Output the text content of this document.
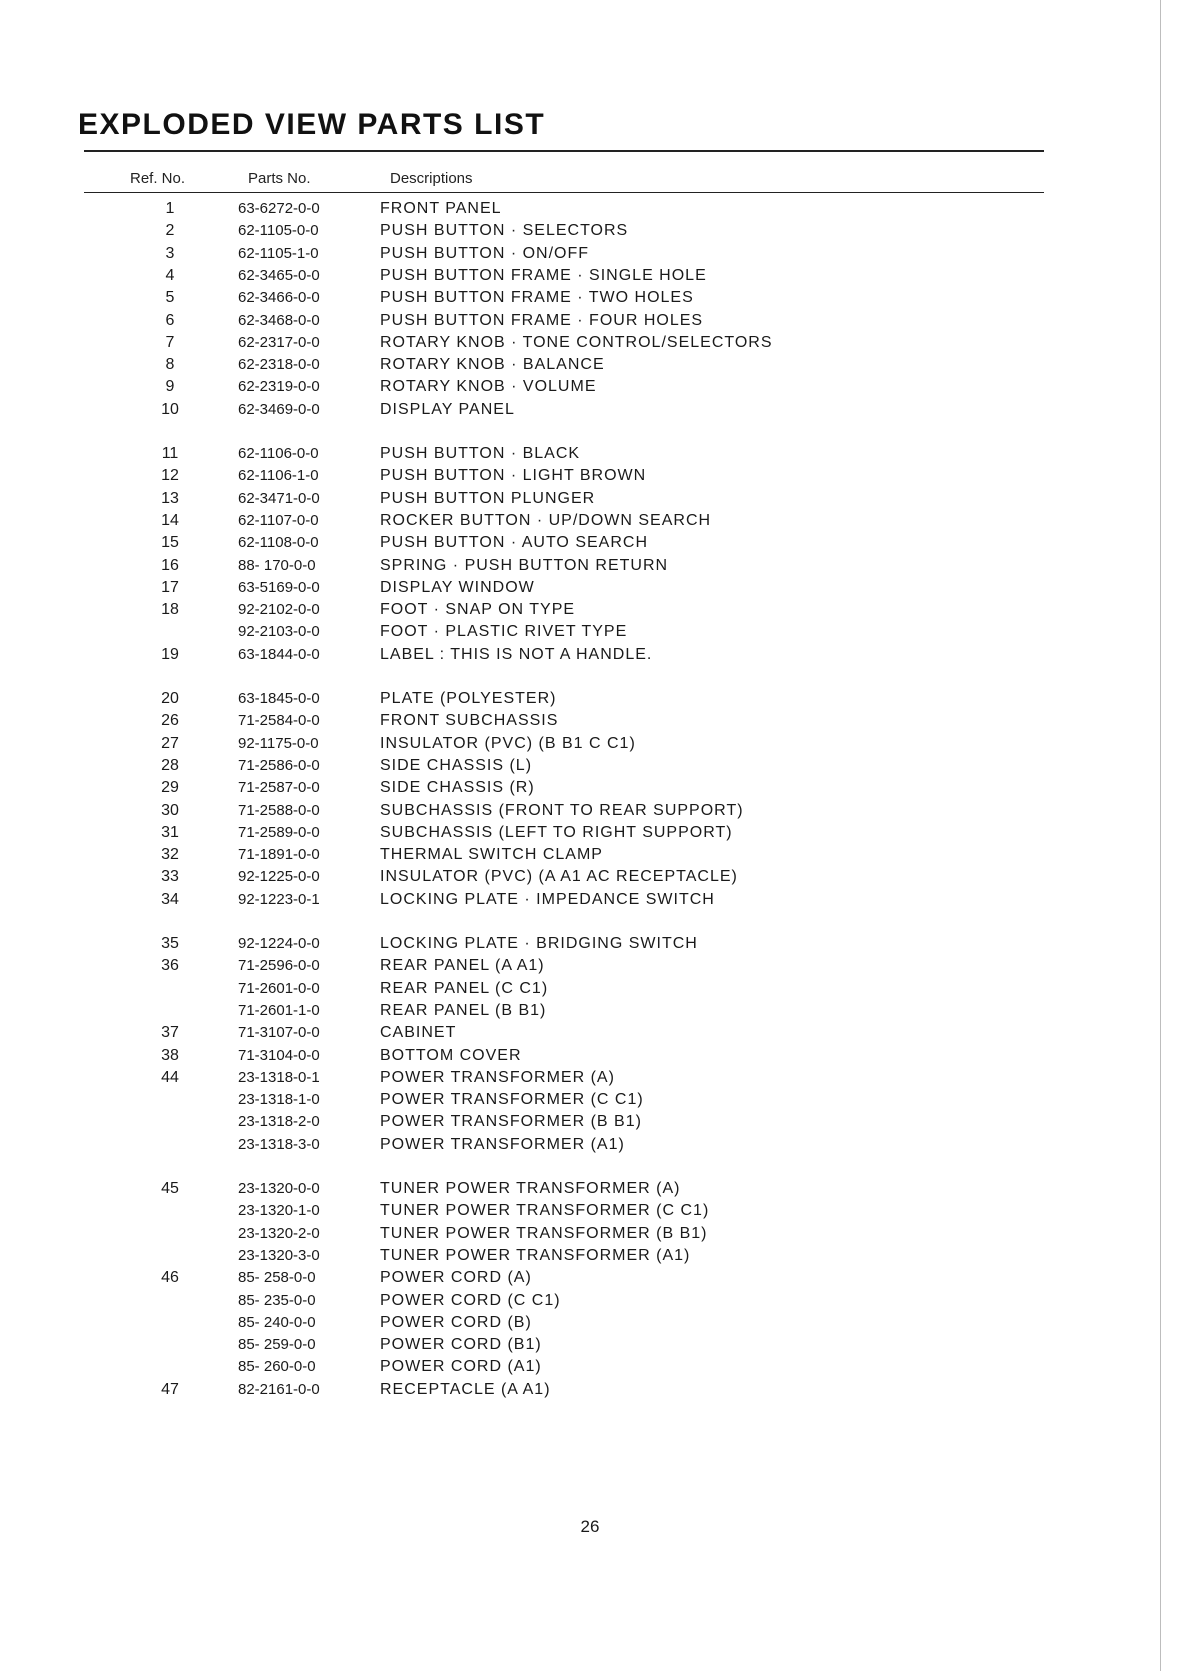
EXPLODED VIEW PARTS LIST
Ref. No.	Parts No.	Descriptions
1	63-6272-0-0	FRONT PANEL
2	62-1105-0-0	PUSH BUTTON · SELECTORS
3	62-1105-1-0	PUSH BUTTON · ON/OFF
4	62-3465-0-0	PUSH BUTTON FRAME · SINGLE HOLE
5	62-3466-0-0	PUSH BUTTON FRAME · TWO HOLES
6	62-3468-0-0	PUSH BUTTON FRAME · FOUR HOLES
7	62-2317-0-0	ROTARY KNOB · TONE CONTROL/SELECTORS
8	62-2318-0-0	ROTARY KNOB · BALANCE
9	62-2319-0-0	ROTARY KNOB · VOLUME
10	62-3469-0-0	DISPLAY PANEL
11	62-1106-0-0	PUSH BUTTON · BLACK
12	62-1106-1-0	PUSH BUTTON · LIGHT BROWN
13	62-3471-0-0	PUSH BUTTON PLUNGER
14	62-1107-0-0	ROCKER BUTTON · UP/DOWN SEARCH
15	62-1108-0-0	PUSH BUTTON · AUTO SEARCH
16	88- 170-0-0	SPRING · PUSH BUTTON RETURN
17	63-5169-0-0	DISPLAY WINDOW
18	92-2102-0-0	FOOT · SNAP ON TYPE
92-2103-0-0	FOOT · PLASTIC RIVET TYPE
19	63-1844-0-0	LABEL : THIS IS NOT A HANDLE.
20	63-1845-0-0	PLATE (POLYESTER)
26	71-2584-0-0	FRONT SUBCHASSIS
27	92-1175-0-0	INSULATOR (PVC) (B B1 C C1)
28	71-2586-0-0	SIDE CHASSIS (L)
29	71-2587-0-0	SIDE CHASSIS (R)
30	71-2588-0-0	SUBCHASSIS (FRONT TO REAR SUPPORT)
31	71-2589-0-0	SUBCHASSIS (LEFT TO RIGHT SUPPORT)
32	71-1891-0-0	THERMAL SWITCH CLAMP
33	92-1225-0-0	INSULATOR (PVC) (A A1 AC RECEPTACLE)
34	92-1223-0-1	LOCKING PLATE · IMPEDANCE SWITCH
35	92-1224-0-0	LOCKING PLATE · BRIDGING SWITCH
36	71-2596-0-0	REAR PANEL (A A1)
71-2601-0-0	REAR PANEL (C C1)
71-2601-1-0	REAR PANEL (B B1)
37	71-3107-0-0	CABINET
38	71-3104-0-0	BOTTOM COVER
44	23-1318-0-1	POWER TRANSFORMER (A)
23-1318-1-0	POWER TRANSFORMER (C C1)
23-1318-2-0	POWER TRANSFORMER (B B1)
23-1318-3-0	POWER TRANSFORMER (A1)
45	23-1320-0-0	TUNER POWER TRANSFORMER (A)
23-1320-1-0	TUNER POWER TRANSFORMER (C C1)
23-1320-2-0	TUNER POWER TRANSFORMER (B B1)
23-1320-3-0	TUNER POWER TRANSFORMER (A1)
46	85- 258-0-0	POWER CORD (A)
85- 235-0-0	POWER CORD (C C1)
85- 240-0-0	POWER CORD (B)
85- 259-0-0	POWER CORD (B1)
85- 260-0-0	POWER CORD (A1)
47	82-2161-0-0	RECEPTACLE (A A1)
26
